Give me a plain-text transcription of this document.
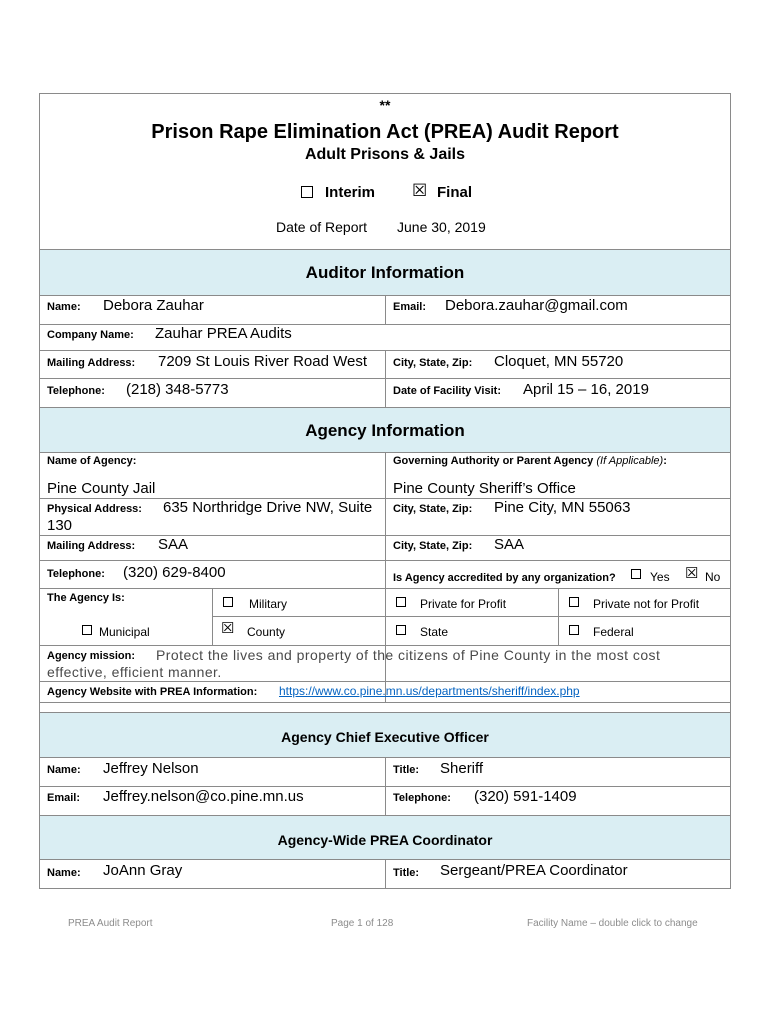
**
Prison Rape Elimination Act (PREA) Audit Report
Adult Prisons & Jails
Interim ☒ Final
Date of Report June 30, 2019
Auditor Information
Name: Debora Zauhar	Email: Debora.zauhar@gmail.com
Company Name: Zauhar PREA Audits
Mailing Address: 7209 St Louis River Road West City, State, Zip: Cloquet, MN 55720
Telephone: (218) 348-5773	Date of Facility Visit: April 15 – 16, 2019
Agency Information
Name of Agency:
Pine County Jail
Governing Authority or Parent Agency (If Applicable):
Pine County Sheriff’s Office
Physical Address: 635 Northridge Drive NW, Suite
130
City, State, Zip: Pine City, MN 55063
Mailing Address: SAA	City, State, Zip: SAA
Telephone: (320) 629-8400	Is Agency accredited by any organization?	Yes ☒ No
The Agency Is:	Military	Private for Profit	Private not for Profit
Municipal	☒ County	State	Federal
Agency mission: Protect the lives and property of the citizens of Pine County in the most cost
effective, efficient manner.
Agency Website with PREA Information: https://www.co.pine.mn.us/departments/sheriff/index.php
Agency Chief Executive Officer
Name: Jeffrey Nelson	Title: Sheriff
Email: Jeffrey.nelson@co.pine.mn.us	Telephone: (320) 591-1409
Agency-Wide PREA Coordinator
Name: JoAnn Gray	Title: Sergeant/PREA Coordinator
PREA Audit Report	Page 1 of 128	Facility Name – double click to change
